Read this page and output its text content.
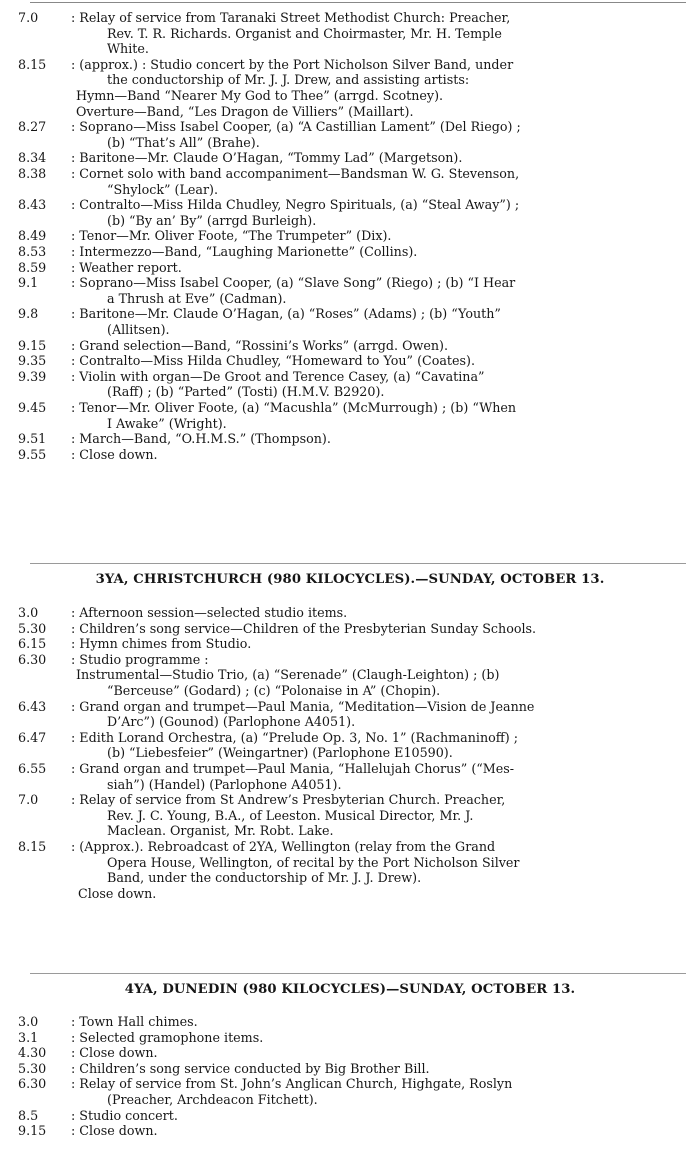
7.0	: Relay of service from Taranaki Street Methodist Church: Preacher,
Rev. T. R. Richards. Organist and Choirmaster, Mr. H. Temple
White.
8.15 : (approx.) : Studio concert by the Port Nicholson Silver Band, under
the conductorship of Mr. J. J. Drew, and assisting artists:
Hymn—Band “Nearer My God to Thee” (arrgd. Scotney).
Overture—Band, “Les Dragon de Villiers” (Maillart).
8.27 : Soprano—Miss Isabel Cooper, (a) “A Castillian Lament” (Del Riego) ;
(b) “That’s All” (Brahe).
8.34 : Baritone—Mr. Claude O’Hagan, “Tommy Lad” (Margetson).
8.38 : Cornet solo with band accompaniment—Bandsman W. G. Stevenson,
“Shylock” (Lear).
8.43 : Contralto—Miss Hilda Chudley, Negro Spirituals, (a) “Steal Away”) ;
(b) “By an’ By” (arrgd Burleigh).
8.49 : Tenor—Mr. Oliver Foote, “The Trumpeter” (Dix).
8.53 : Intermezzo—Band, “Laughing Marionette” (Collins).
8.59 : Weather report.
9.1	: Soprano—Miss Isabel Cooper, (a) “Slave Song” (Riego) ; (b) “I Hear
a Thrush at Eve” (Cadman).
9.8	: Baritone—Mr. Claude O’Hagan, (a) “Roses” (Adams) ; (b) “Youth”
(Allitsen).
9.15 : Grand selection—Band, “Rossini’s Works” (arrgd. Owen).
9.35 : Contralto—Miss Hilda Chudley, “Homeward to You” (Coates).
9.39 : Violin with organ—De Groot and Terence Casey, (a) “Cavatina”
(Raff) ; (b) “Parted” (Tosti) (H.M.V. B2920).
9.45 : Tenor—Mr. Oliver Foote, (a) “Macushla” (McMurrough) ; (b) “When
I Awake” (Wright).
9.51 : March—Band, “O.H.M.S.” (Thompson).
9.55 : Close down.
3YA, CHRISTCHURCH (980 KILOCYCLES).—SUNDAY, OCTOBER 13.
3.0	: Afternoon session—selected studio items.
5.30 : Children’s song service—Children of the Presbyterian Sunday Schools.
6.15 : Hymn chimes from Studio.
6.30 : Studio programme :
Instrumental—Studio Trio, (a) “Serenade” (Claugh-Leighton) ; (b)
“Berceuse” (Godard) ; (c) “Polonaise in A” (Chopin).
6.43 : Grand organ and trumpet—Paul Mania, “Meditation—Vision de Jeanne
D’Arc”) (Gounod) (Parlophone A4051).
6.47 : Edith Lorand Orchestra, (a) “Prelude Op. 3, No. 1” (Rachmaninoff) ;
(b) “Liebesfeier” (Weingartner) (Parlophone E10590).
6.55 : Grand organ and trumpet—Paul Mania, “Hallelujah Chorus” (“Mes-
siah”) (Handel) (Parlophone A4051).
7.0	: Relay of service from St Andrew’s Presbyterian Church. Preacher,
Rev. J. C. Young, B.A., of Leeston. Musical Director, Mr. J.
Maclean. Organist, Mr. Robt. Lake.
8.15 : (Approx.). Rebroadcast of 2YA, Wellington (relay from the Grand
Opera House, Wellington, of recital by the Port Nicholson Silver
Band, under the conductorship of Mr. J. J. Drew).
Close down.
4YA, DUNEDIN (980 KILOCYCLES)—SUNDAY, OCTOBER 13.
3.0	: Town Hall chimes.
3.1	: Selected gramophone items.
4.30 : Close down.
5.30 : Children’s song service conducted by Big Brother Bill.
6.30 : Relay of service from St. John’s Anglican Church, Highgate, Roslyn
(Preacher, Archdeacon Fitchett).
8.5	: Studio concert.
9.15 : Close down.
